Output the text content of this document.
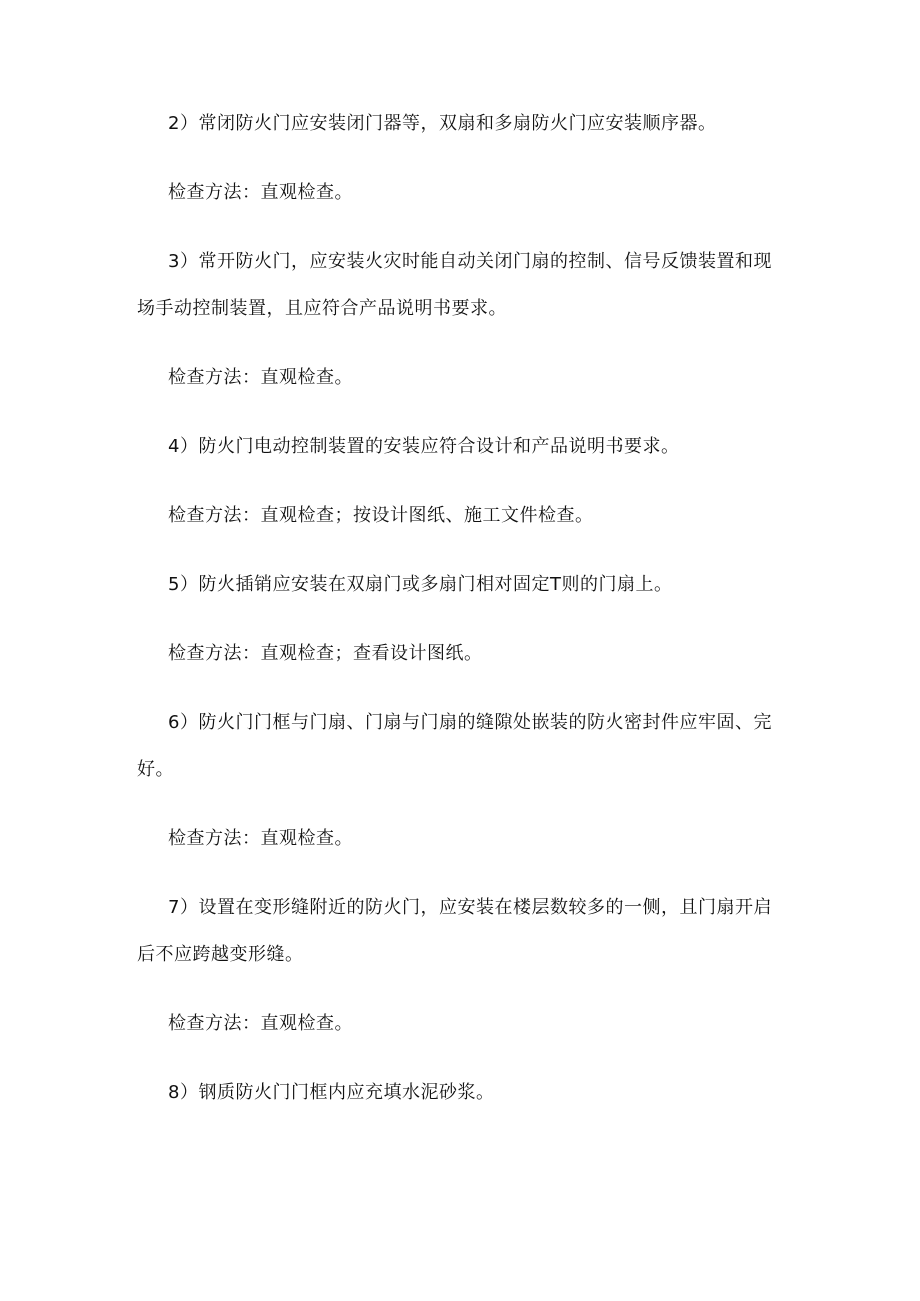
2）常闭防火门应安装闭门器等，双扇和多扇防火门应安装顺序器。

检查方法：直观检查。

3）常开防火门，应安装火灾时能自动关闭门扇的控制、信号反馈装置和现场手动控制装置，且应符合产品说明书要求。

检查方法：直观检查。

4）防火门电动控制装置的安装应符合设计和产品说明书要求。

检查方法：直观检查；按设计图纸、施工文件检查。

5）防火插销应安装在双扇门或多扇门相对固定T则的门扇上。

检查方法：直观检查；查看设计图纸。

6）防火门门框与门扇、门扇与门扇的缝隙处嵌装的防火密封件应牢固、完好。

检查方法：直观检查。

7）设置在变形缝附近的防火门，应安装在楼层数较多的一侧，且门扇开启后不应跨越变形缝。

检查方法：直观检查。

8）钢质防火门门框内应充填水泥砂浆。
